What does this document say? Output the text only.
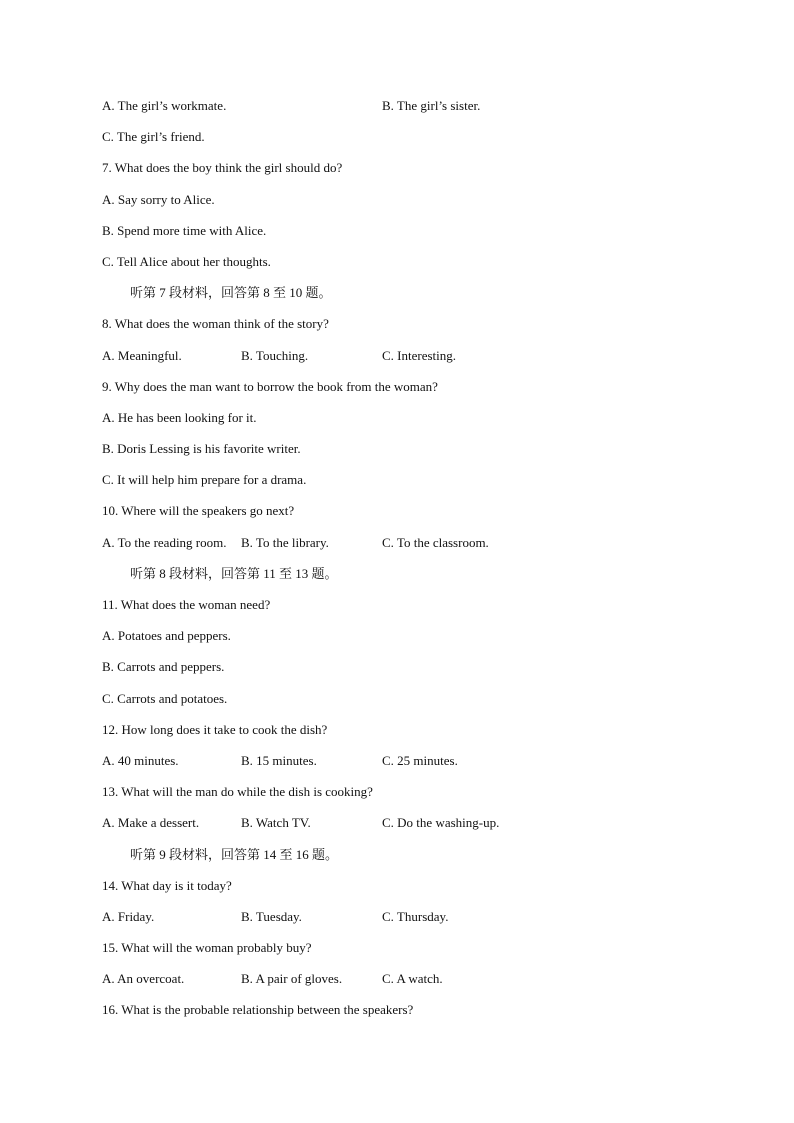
A. The girl’s workmate.	B. The girl’s sister.
C. The girl’s friend.
7. What does the boy think the girl should do?
A. Say sorry to Alice.
B. Spend more time with Alice.
C. Tell Alice about her thoughts.
听第 7 段材料，回答第 8 至 10 题。
8. What does the woman think of the story?
A. Meaningful.	B. Touching.	C. Interesting.
9. Why does the man want to borrow the book from the woman?
A. He has been looking for it.
B. Doris Lessing is his favorite writer.
C. It will help him prepare for a drama.
10. Where will the speakers go next?
A. To the reading room. B. To the library.	C. To the classroom.
听第 8 段材料，回答第 11 至 13 题。
11. What does the woman need?
A. Potatoes and peppers.
B. Carrots and peppers.
C. Carrots and potatoes.
12. How long does it take to cook the dish?
A. 40 minutes.	B. 15 minutes.	C. 25 minutes.
13. What will the man do while the dish is cooking?
A. Make a dessert.	B. Watch TV.	C. Do the washing-up.
听第 9 段材料，回答第 14 至 16 题。
14. What day is it today?
A. Friday.	B. Tuesday.	C. Thursday.
15. What will the woman probably buy?
A. An overcoat.	B. A pair of gloves.	C. A watch.
16. What is the probable relationship between the speakers?
